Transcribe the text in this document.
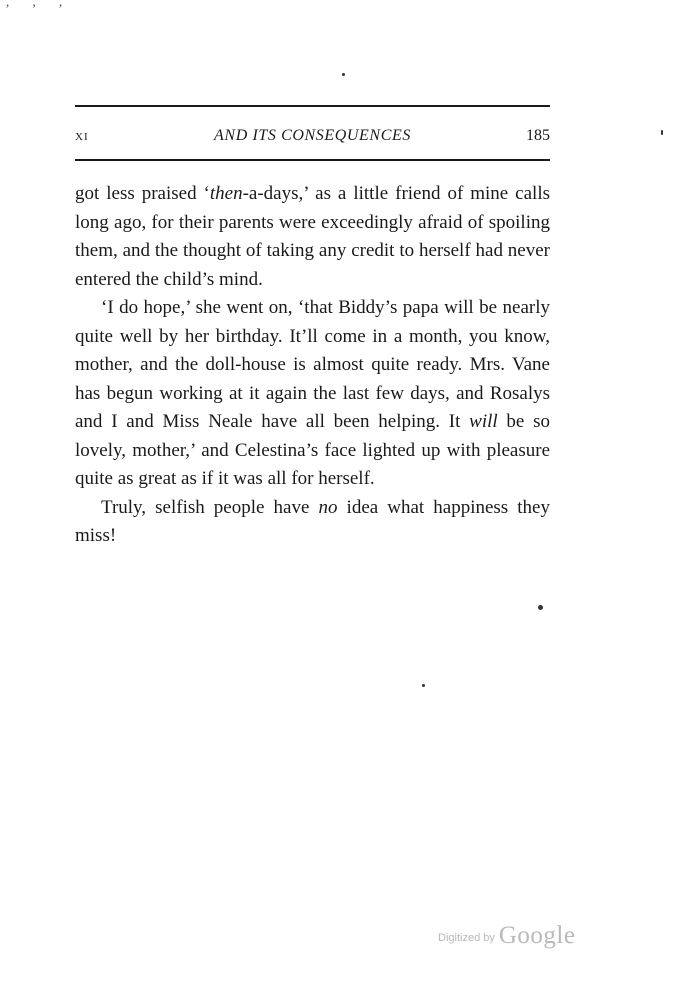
, , ,
xi	AND ITS CONSEQUENCES	185

got less praised ‘then-a-days,’ as a little friend of mine calls long ago, for their parents were exceedingly afraid of spoiling them, and the thought of taking any credit to herself had never entered the child’s mind.

‘I do hope,’ she went on, ‘that Biddy’s papa will be nearly quite well by her birthday. It’ll come in a month, you know, mother, and the doll-house is almost quite ready. Mrs. Vane has begun working at it again the last few days, and Rosalys and I and Miss Neale have all been helping. It will be so lovely, mother,’ and Celestina’s face lighted up with pleasure quite as great as if it was all for herself.

Truly, selfish people have no idea what happiness they miss!

Digitized by Google
